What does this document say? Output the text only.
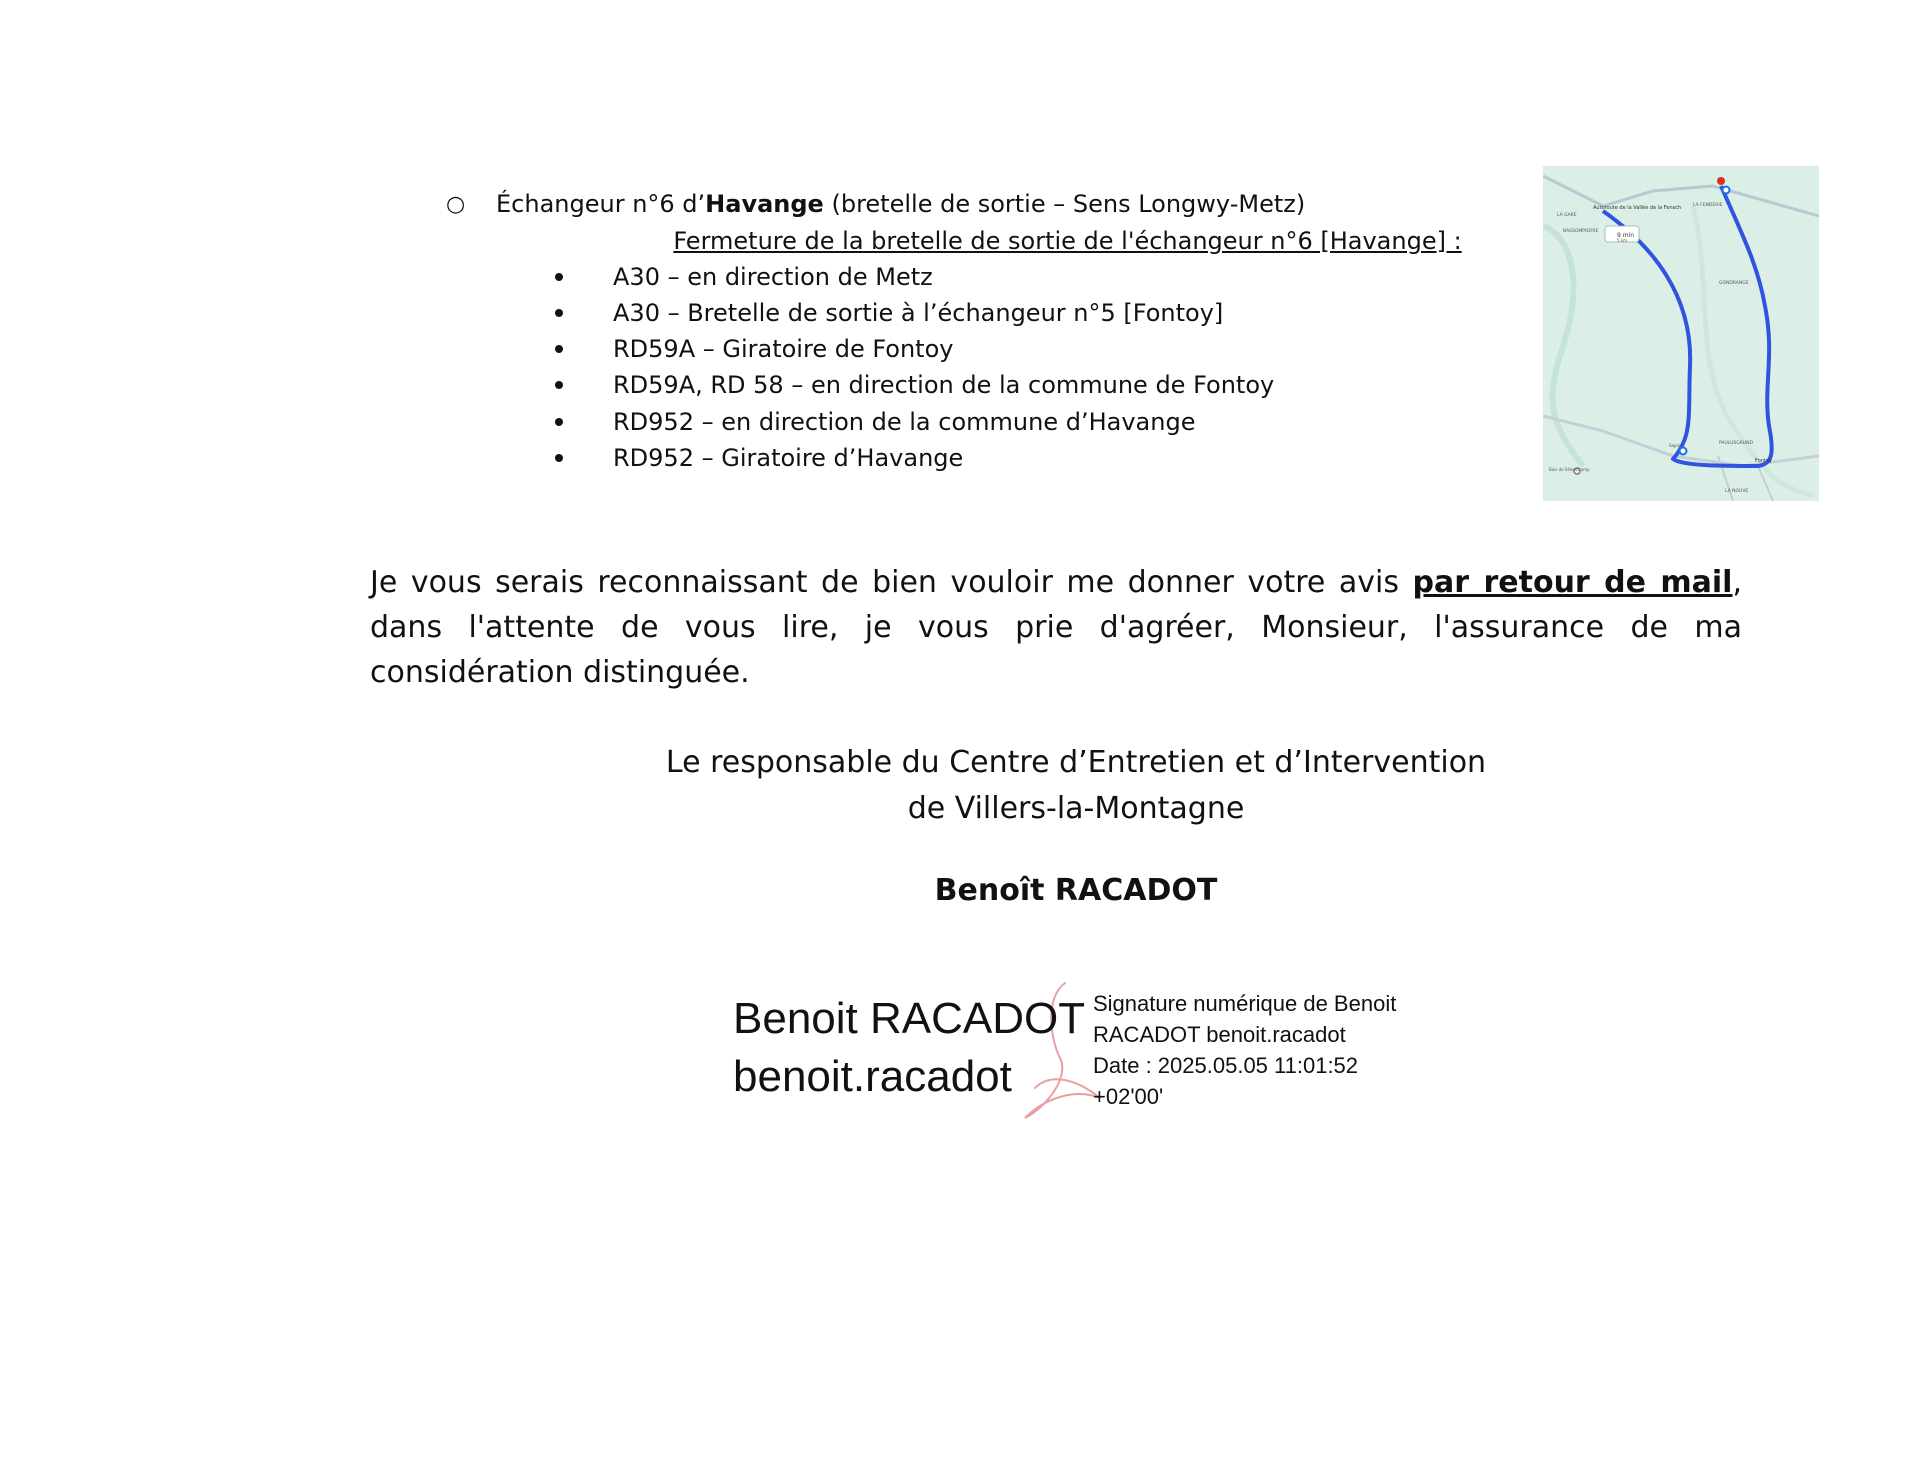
○ Échangeur n°6 d’Havange (bretelle de sortie – Sens Longwy-Metz)
Fermeture de la bretelle de sortie de l'échangeur n°6 [Havange] :
A30 – en direction de Metz
A30 – Bretelle de sortie à l’échangeur n°5 [Fontoy]
RD59A – Giratoire de Fontoy
RD59A, RD 58 – en direction de la commune de Fontoy
RD952 – en direction de la commune d’Havange
RD952 – Giratoire d’Havange
9 min
5 km
Autoroute de la Vallée de la Fensch
LA GARE
BASSOMPIERRE
LA FENDERIE
GONDRANGE
PAULUSGRUND
Fontoy
LA NOUVE
Bois de Sélenchamp
Sapin
Je vous serais reconnaissant de bien vouloir me donner votre avis par retour de mail, dans l'attente de vous lire, je vous prie d'agréer, Monsieur, l'assurance de ma considération distinguée.
Le responsable du Centre d’Entretien et d’Intervention
de Villers-la-Montagne
Benoît RACADOT
Benoit RACADOT
benoit.racadot
Signature numérique de Benoit
RACADOT benoit.racadot
Date : 2025.05.05 11:01:52
+02'00'
